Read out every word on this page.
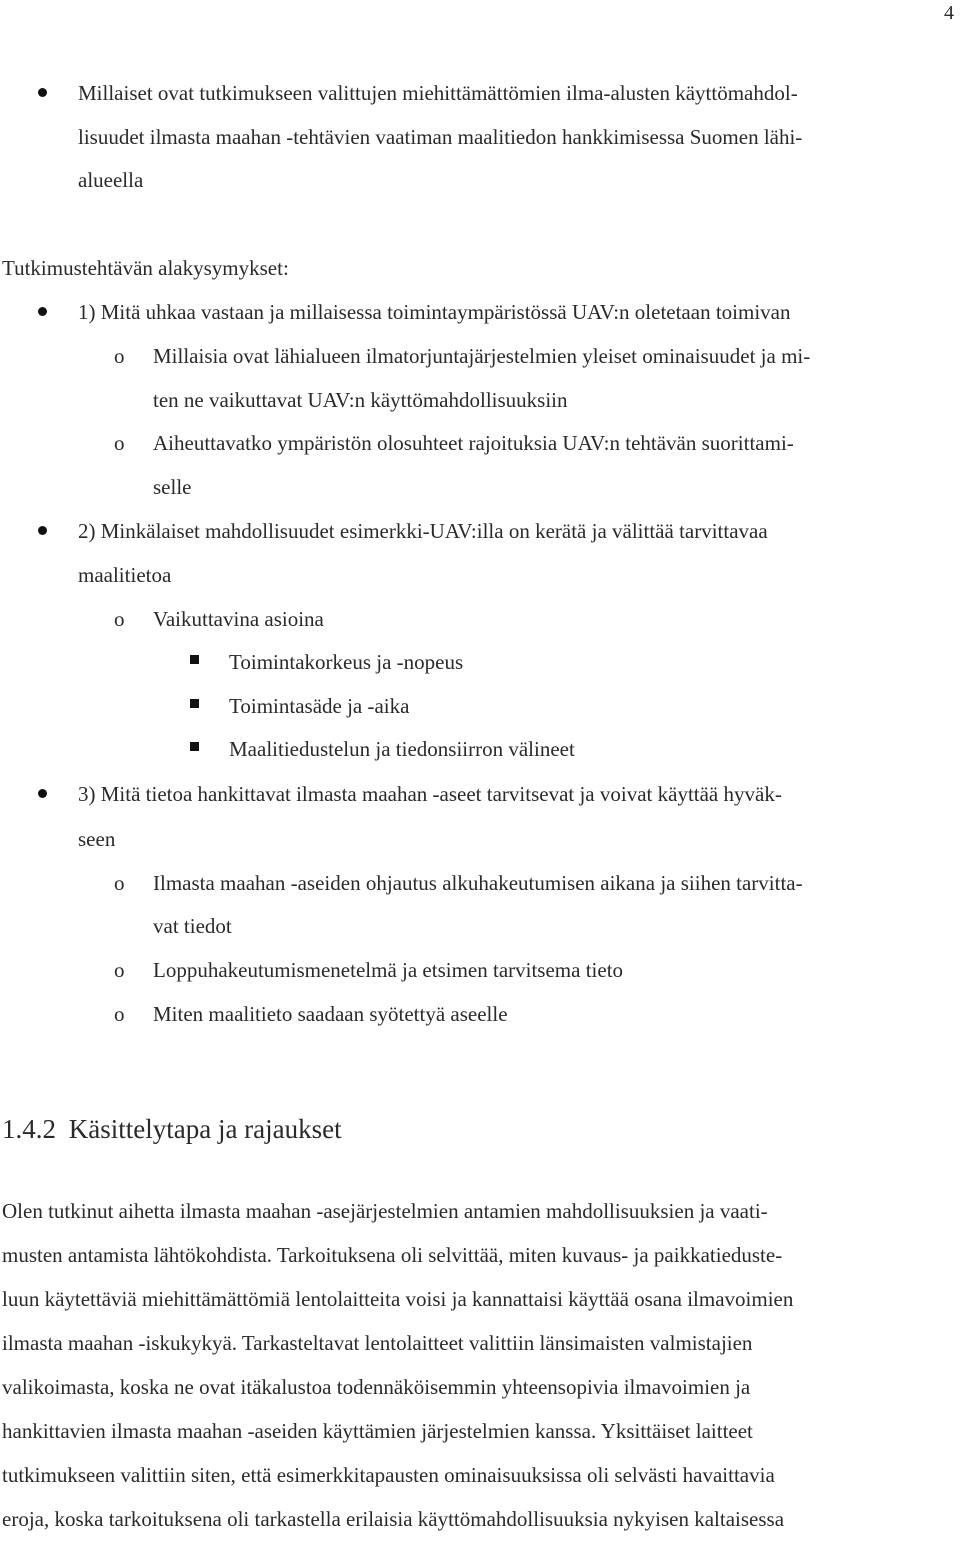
4
Millaiset ovat tutkimukseen valittujen miehittämättömien ilma-alusten käyttömahdol-
lisuudet ilmasta maahan -tehtävien vaatiman maalitiedon hankkimisessa Suomen lähi-
alueella
Tutkimustehtävän alakysymykset:
1) Mitä uhkaa vastaan ja millaisessa toimintaympäristössä UAV:n oletetaan toimivan
o Millaisia ovat lähialueen ilmatorjuntajärjestelmien yleiset ominaisuudet ja mi-
ten ne vaikuttavat UAV:n käyttömahdollisuuksiin
o Aiheuttavatko ympäristön olosuhteet rajoituksia UAV:n tehtävän suorittami-
selle
2) Minkälaiset mahdollisuudet esimerkki-UAV:illa on kerätä ja välittää tarvittavaa
maalitietoa
o Vaikuttavina asioina
Toimintakorkeus ja -nopeus
Toimintasäde ja -aika
Maalitiedustelun ja tiedonsiirron välineet
3) Mitä tietoa hankittavat ilmasta maahan -aseet tarvitsevat ja voivat käyttää hyväk-
seen
o Ilmasta maahan -aseiden ohjautus alkuhakeutumisen aikana ja siihen tarvitta-
vat tiedot
o Loppuhakeutumismenetelmä ja etsimen tarvitsema tieto
o Miten maalitieto saadaan syötettyä aseelle
1.4.2 Käsittelytapa ja rajaukset
Olen tutkinut aihetta ilmasta maahan -asejärjestelmien antamien mahdollisuuksien ja vaati-
musten antamista lähtökohdista. Tarkoituksena oli selvittää, miten kuvaus- ja paikkatieduste-
luun käytettäviä miehittämättömiä lentolaitteita voisi ja kannattaisi käyttää osana ilmavoimien
ilmasta maahan -iskukykyä. Tarkasteltavat lentolaitteet valittiin länsimaisten valmistajien
valikoimasta, koska ne ovat itäkalustoa todennäköisemmin yhteensopivia ilmavoimien ja
hankittavien ilmasta maahan -aseiden käyttämien järjestelmien kanssa. Yksittäiset laitteet
tutkimukseen valittiin siten, että esimerkkitapausten ominaisuuksissa oli selvästi havaittavia
eroja, koska tarkoituksena oli tarkastella erilaisia käyttömahdollisuuksia nykyisen kaltaisessa
